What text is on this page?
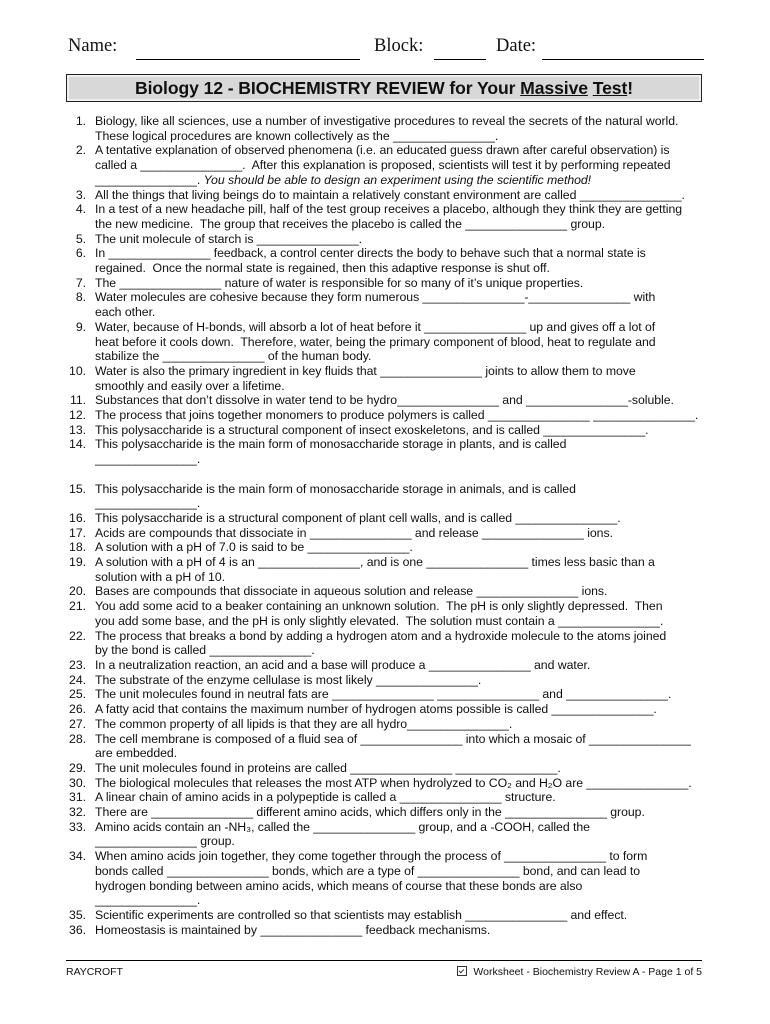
Name:	Block:	Date:
Biology 12 - BIOCHEMISTRY REVIEW for Your Massive Test!
1. Biology, like all sciences, use a number of investigative procedures to reveal the secrets of the natural world.
These logical procedures are known collectively as the _______________.
2. A tentative explanation of observed phenomena (i.e. an educated guess drawn after careful observation) is
called a _______________.  After this explanation is proposed, scientists will test it by performing repeated
_______________. You should be able to design an experiment using the scientific method!
3. All the things that living beings do to maintain a relatively constant environment are called _______________.
4. In a test of a new headache pill, half of the test group receives a placebo, although they think they are getting
the new medicine.  The group that receives the placebo is called the _______________ group.
5. The unit molecule of starch is _______________.
6. In _______________ feedback, a control center directs the body to behave such that a normal state is
regained.  Once the normal state is regained, then this adaptive response is shut off.
7. The _______________ nature of water is responsible for so many of it’s unique properties.
8. Water molecules are cohesive because they form numerous _______________-_______________ with
each other.
9. Water, because of H-bonds, will absorb a lot of heat before it _______________ up and gives off a lot of
heat before it cools down.  Therefore, water, being the primary component of blood, heat to regulate and
stabilize the _______________ of the human body.
10. Water is also the primary ingredient in key fluids that _______________ joints to allow them to move
smoothly and easily over a lifetime.
11. Substances that don’t dissolve in water tend to be hydro_______________ and _______________-soluble.
12. The process that joins together monomers to produce polymers is called _______________ _______________.
13. This polysaccharide is a structural component of insect exoskeletons, and is called _______________.
14. This polysaccharide is the main form of monosaccharide storage in plants, and is called
_______________.
15. This polysaccharide is the main form of monosaccharide storage in animals, and is called
_______________.
16. This polysaccharide is a structural component of plant cell walls, and is called _______________.
17. Acids are compounds that dissociate in _______________ and release _______________ ions.
18. A solution with a pH of 7.0 is said to be _______________.
19. A solution with a pH of 4 is an _______________, and is one _______________ times less basic than a
solution with a pH of 10.
20. Bases are compounds that dissociate in aqueous solution and release _______________ ions.
21. You add some acid to a beaker containing an unknown solution.  The pH is only slightly depressed.  Then
you add some base, and the pH is only slightly elevated.  The solution must contain a _______________.
22. The process that breaks a bond by adding a hydrogen atom and a hydroxide molecule to the atoms joined
by the bond is called _______________.
23. In a neutralization reaction, an acid and a base will produce a _______________ and water.
24. The substrate of the enzyme cellulase is most likely _______________.
25. The unit molecules found in neutral fats are _______________ _______________ and _______________.
26. A fatty acid that contains the maximum number of hydrogen atoms possible is called _______________.
27. The common property of all lipids is that they are all hydro_______________.
28. The cell membrane is composed of a fluid sea of _______________ into which a mosaic of _______________
are embedded.
29. The unit molecules found in proteins are called _______________ _______________.
30. The biological molecules that releases the most ATP when hydrolyzed to CO₂ and H₂O are _______________.
31. A linear chain of amino acids in a polypeptide is called a _______________ structure.
32. There are _______________ different amino acids, which differs only in the _______________ group.
33. Amino acids contain an -NH₃, called the _______________ group, and a -COOH, called the
_______________ group.
34. When amino acids join together, they come together through the process of _______________ to form
bonds called _______________ bonds, which are a type of _______________ bond, and can lead to
hydrogen bonding between amino acids, which means of course that these bonds are also
_______________.
35. Scientific experiments are controlled so that scientists may establish _______________ and effect.
36. Homeostasis is maintained by _______________ feedback mechanisms.
RAYCROFT	Worksheet - Biochemistry Review A - Page 1 of 5
